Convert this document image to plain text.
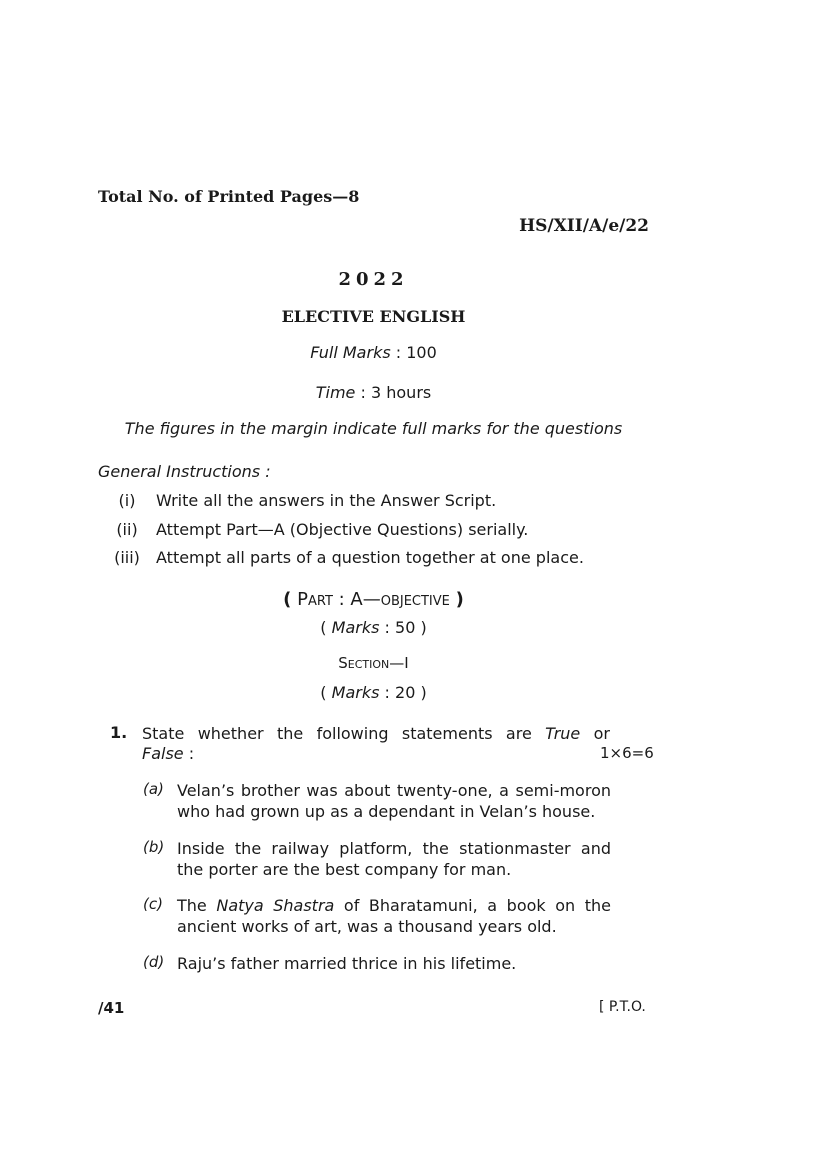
Total No. of Printed Pages—8
HS/XII/A/e/22
2022
ELECTIVE ENGLISH
Full Marks : 100
Time : 3 hours
The figures in the margin indicate full marks for the questions
General Instructions :
(i) Write all the answers in the Answer Script.
(ii) Attempt Part—A (Objective Questions) serially.
(iii) Attempt all parts of a question together at one place.
( Part : A—objective )
( Marks : 50 )
Section—I
( Marks : 20 )
1. State whether the following statements are True or
False :	1×6=6
(a) Velan’s brother was about twenty-one, a semi-moron
who had grown up as a dependant in Velan’s house.
(b) Inside the railway platform, the stationmaster and
the porter are the best company for man.
(c) The Natya Shastra of Bharatamuni, a book on the
ancient works of art, was a thousand years old.
(d) Raju’s father married thrice in his lifetime.
/41	[ P.T.O.
